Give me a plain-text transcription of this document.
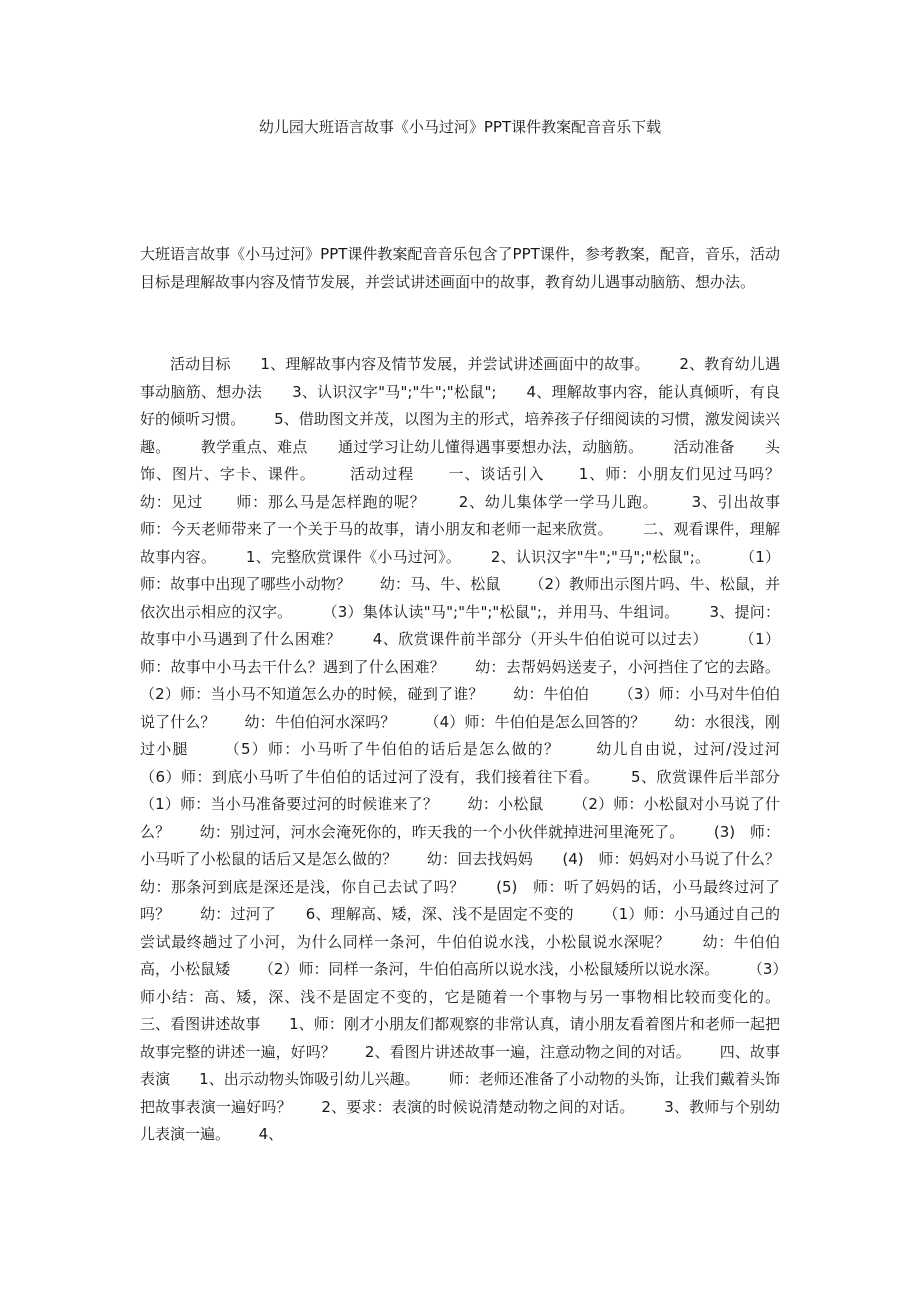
幼儿园大班语言故事《小马过河》PPT课件教案配音音乐下载

大班语言故事《小马过河》PPT课件教案配音音乐包含了PPT课件，参考教案，配音，音乐，活动目标是理解故事内容及情节发展，并尝试讲述画面中的故事，教育幼儿遇事动脑筋、想办法。

活动目标      1、理解故事内容及情节发展，并尝试讲述画面中的故事。      2、教育幼儿遇事动脑筋、想办法      3、认识汉字"马";"牛";"松鼠";      4、理解故事内容，能认真倾听，有良好的倾听习惯。      5、借助图文并茂，以图为主的形式，培养孩子仔细阅读的习惯，激发阅读兴趣。      教学重点、难点      通过学习让幼儿懂得遇事要想办法，动脑筋。      活动准备      头饰、图片、字卡、课件。      活动过程      一、谈话引入      1、师：小朋友们见过马吗？      幼：见过      师：那么马是怎样跑的呢？      2、幼儿集体学一学马儿跑。      3、引出故事      师：今天老师带来了一个关于马的故事，请小朋友和老师一起来欣赏。      二、观看课件，理解故事内容。      1、完整欣赏课件《小马过河》。      2、认识汉字"牛";"马";"松鼠";。      （1）师：故事中出现了哪些小动物？      幼：马、牛、松鼠      （2）教师出示图片吗、牛、松鼠，并依次出示相应的汉字。      （3）集体认读"马";"牛";"松鼠";，并用马、牛组词。      3、提问：故事中小马遇到了什么困难？      4、欣赏课件前半部分（开头牛伯伯说可以过去）      （1）师：故事中小马去干什么？遇到了什么困难？      幼：去帮妈妈送麦子，小河挡住了它的去路。      （2）师：当小马不知道怎么办的时候，碰到了谁？      幼：牛伯伯      （3）师：小马对牛伯伯说了什么？      幼：牛伯伯河水深吗？      （4）师：牛伯伯是怎么回答的？      幼：水很浅，刚过小腿      （5）师：小马听了牛伯伯的话后是怎么做的？      幼儿自由说，过河/没过河      （6）师：到底小马听了牛伯伯的话过河了没有，我们接着往下看。      5、欣赏课件后半部分      （1）师：当小马准备要过河的时候谁来了？      幼：小松鼠      （2）师：小松鼠对小马说了什么？      幼：别过河，河水会淹死你的，昨天我的一个小伙伴就掉进河里淹死了。      (3)   师：小马听了小松鼠的话后又是怎么做的？      幼：回去找妈妈      (4)   师：妈妈对小马说了什么？      幼：那条河到底是深还是浅，你自己去试了吗？      (5)   师：听了妈妈的话，小马最终过河了吗？      幼：过河了      6、理解高、矮，深、浅不是固定不变的      （1）师：小马通过自己的尝试最终趟过了小河，为什么同样一条河，牛伯伯说水浅，小松鼠说水深呢？      幼：牛伯伯高，小松鼠矮      （2）师：同样一条河，牛伯伯高所以说水浅，小松鼠矮所以说水深。      （3）师小结：高、矮，深、浅不是固定不变的，它是随着一个事物与另一事物相比较而变化的。      三、看图讲述故事      1、师：刚才小朋友们都观察的非常认真，请小朋友看着图片和老师一起把故事完整的讲述一遍，好吗？      2、看图片讲述故事一遍，注意动物之间的对话。      四、故事表演      1、出示动物头饰吸引幼儿兴趣。      师：老师还准备了小动物的头饰，让我们戴着头饰把故事表演一遍好吗？      2、要求：表演的时候说清楚动物之间的对话。      3、教师与个别幼儿表演一遍。      4、
